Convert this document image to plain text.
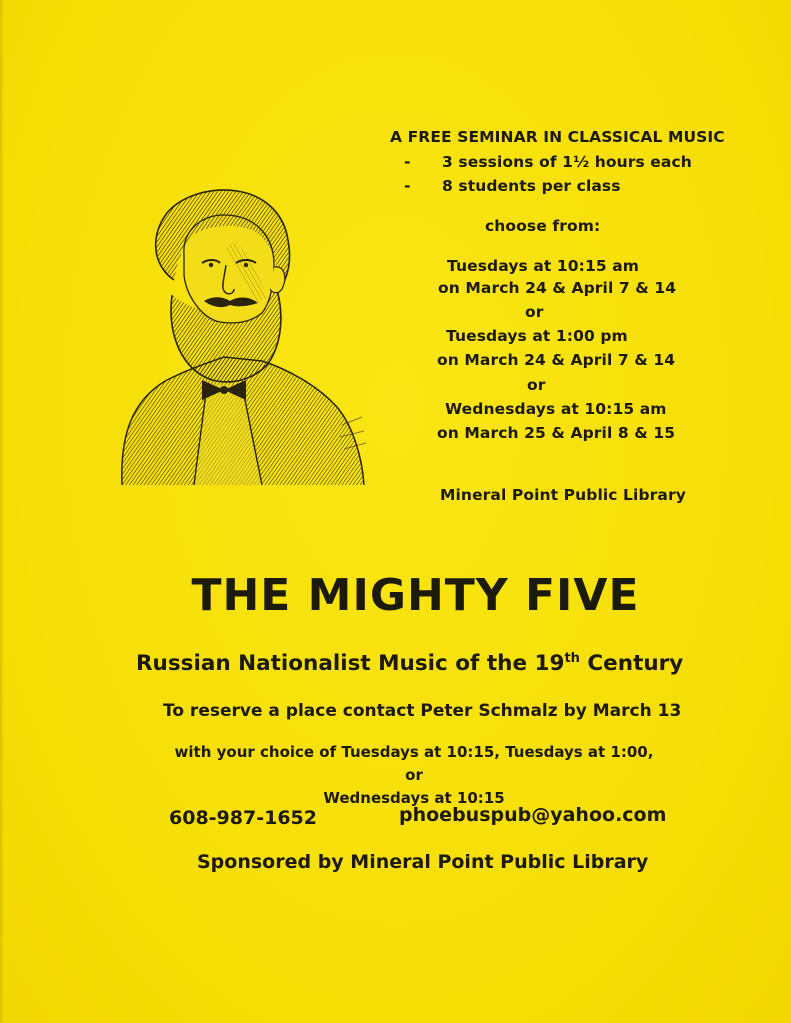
A FREE SEMINAR IN CLASSICAL MUSIC
- 3 sessions of 1½ hours each
- 8 students per class
choose from:
Tuesdays at 10:15 am
on March 24 & April 7 & 14
or
Tuesdays at 1:00 pm
on March 24 & April 7 & 14
or
Wednesdays at 10:15 am
on March 25 & April 8 & 15
Mineral Point Public Library
THE MIGHTY FIVE
Russian Nationalist Music of the 19th Century
To reserve a place contact Peter Schmalz by March 13
with your choice of Tuesdays at 10:15, Tuesdays at 1:00, or
Wednesdays at 10:15
608-987-1652	phoebuspub@yahoo.com
Sponsored by Mineral Point Public Library
